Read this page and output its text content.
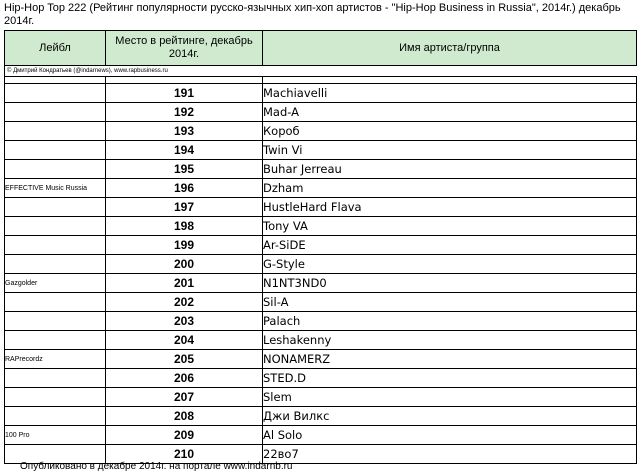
Hip-Hop Top 222 (Рейтинг популярности русско-язычных хип-хоп артистов - "Hip-Hop Business in Russia", 2014г.) декабрь 2014г.
Лейбл	Место в рейтинге, декабрь 2014г.	Имя артиста/группа
© Дмитрий Кондратьев (@indarnews), www.rapbusiness.ru		

	191	Machiavelli
	192	Mad-A
	193	Короб
	194	Twin Vi
	195	Buhar Jerreau
EFFECTIVE Music Russia	196	Dzham
	197	HustleHard Flava
	198	Tony VA
	199	Ar-SiDE
	200	G-Style
Gazgolder	201	N1NT3ND0
	202	Sil-A
	203	Palach
	204	Leshakenny
RAPrecordz	205	NONAMERZ
	206	STED.D
	207	Slem
	208	Джи Вилкс
100 Pro	209	Al Solo
	210	22во7
Опубликовано в декабре 2014г. на портале www.indarnb.ru
